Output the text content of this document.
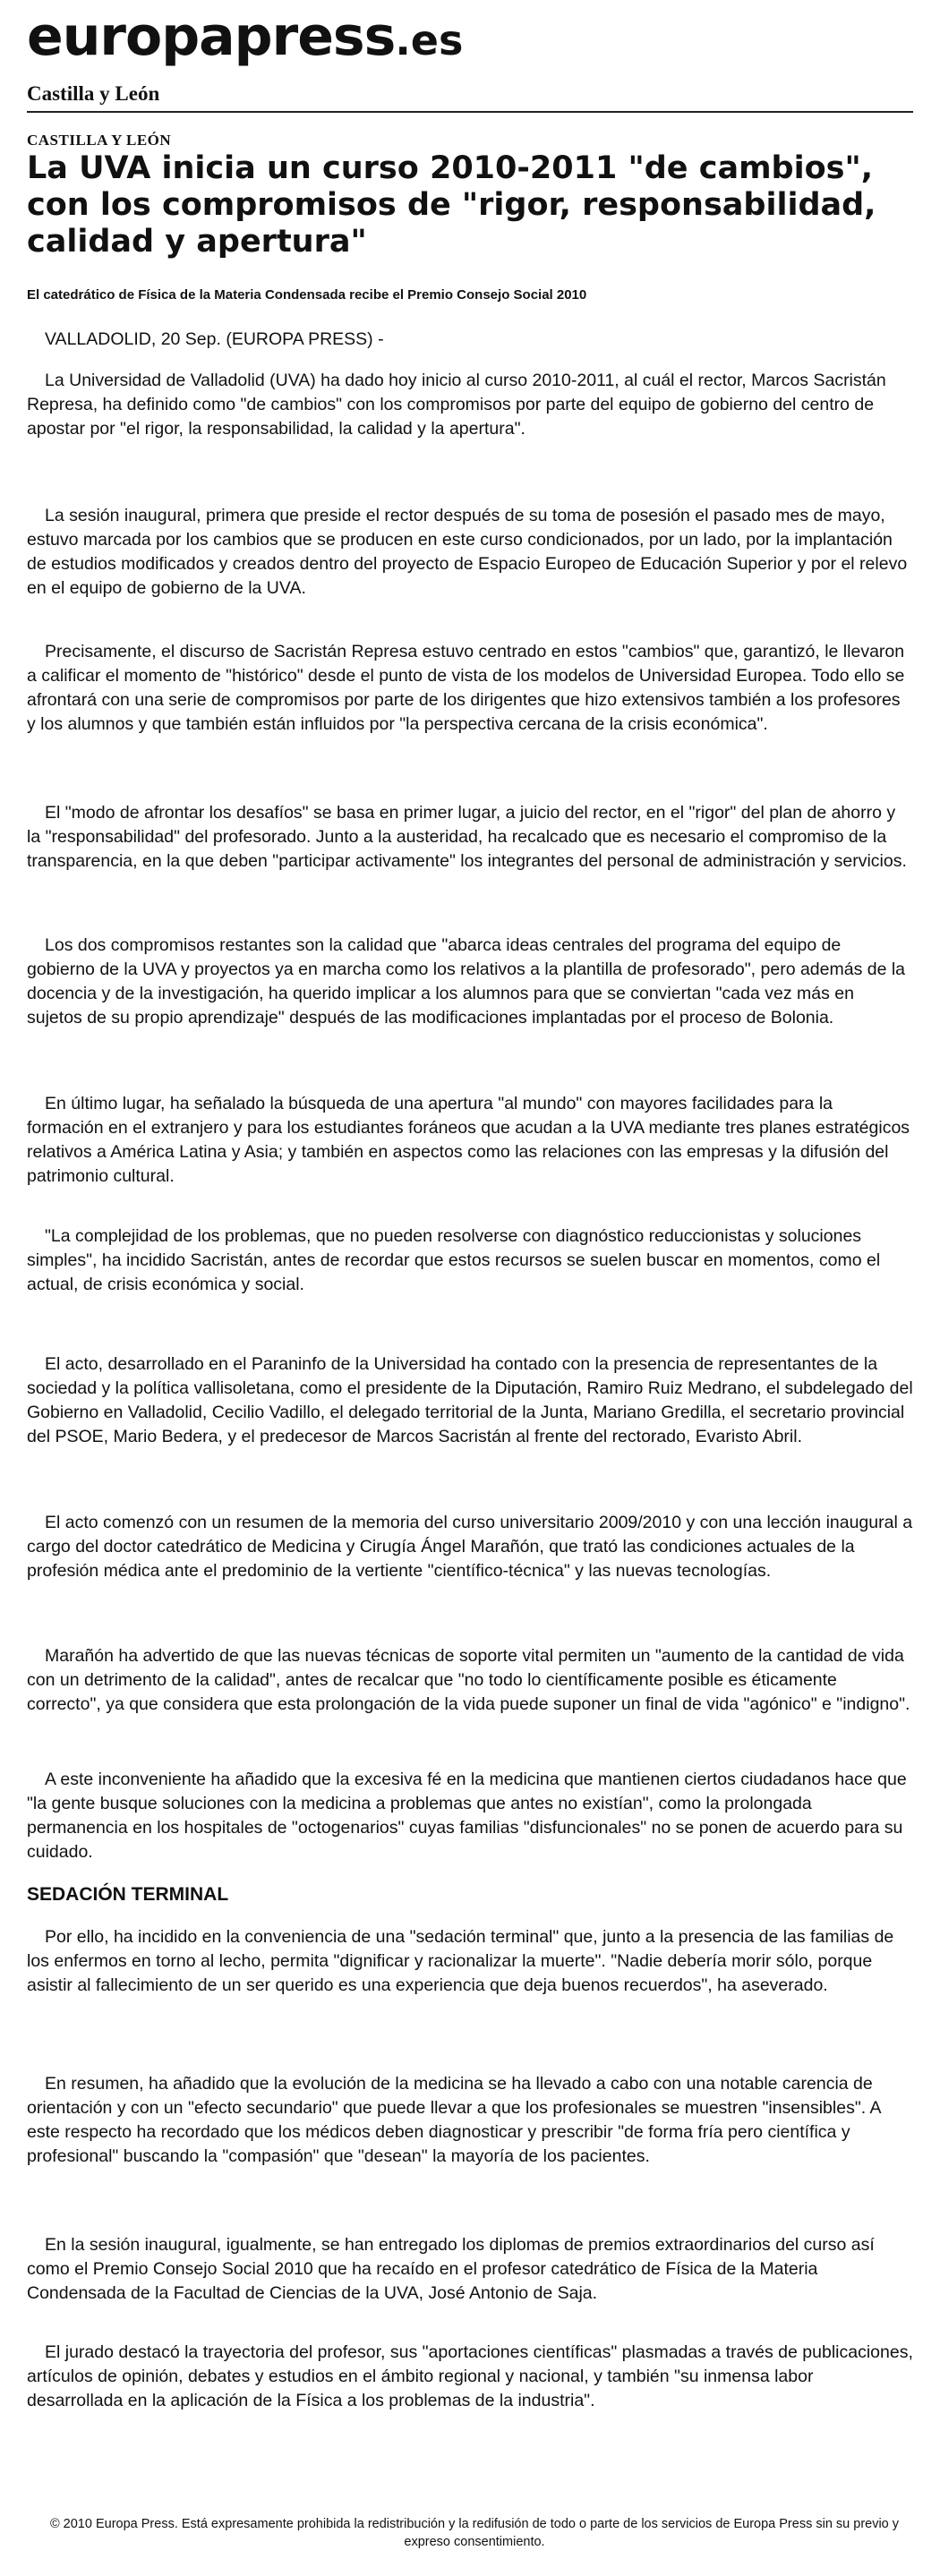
europapress.es
Castilla y León
CASTILLA Y LEÓN
La UVA inicia un curso 2010-2011 "de cambios", con los compromisos de "rigor, responsabilidad, calidad y apertura"
El catedrático de Física de la Materia Condensada recibe el Premio Consejo Social 2010
VALLADOLID, 20 Sep. (EUROPA PRESS) -

La Universidad de Valladolid (UVA) ha dado hoy inicio al curso 2010-2011, al cuál el rector, Marcos Sacristán Represa, ha definido como "de cambios" con los compromisos por parte del equipo de gobierno del centro de apostar por "el rigor, la responsabilidad, la calidad y la apertura".

La sesión inaugural, primera que preside el rector después de su toma de posesión el pasado mes de mayo, estuvo marcada por los cambios que se producen en este curso condicionados, por un lado, por la implantación de estudios modificados y creados dentro del proyecto de Espacio Europeo de Educación Superior y por el relevo en el equipo de gobierno de la UVA.

Precisamente, el discurso de Sacristán Represa estuvo centrado en estos "cambios" que, garantizó, le llevaron a calificar el momento de "histórico" desde el punto de vista de los modelos de Universidad Europea. Todo ello se afrontará con una serie de compromisos por parte de los dirigentes que hizo extensivos también a los profesores y los alumnos y que también están influidos por "la perspectiva cercana de la crisis económica".

El "modo de afrontar los desafíos" se basa en primer lugar, a juicio del rector, en el "rigor" del plan de ahorro y la "responsabilidad" del profesorado. Junto a la austeridad, ha recalcado que es necesario el compromiso de la transparencia, en la que deben "participar activamente" los integrantes del personal de administración y servicios.

Los dos compromisos restantes son la calidad que "abarca ideas centrales del programa del equipo de gobierno de la UVA y proyectos ya en marcha como los relativos a la plantilla de profesorado", pero además de la docencia y de la investigación, ha querido implicar a los alumnos para que se conviertan "cada vez más en sujetos de su propio aprendizaje" después de las modificaciones implantadas por el proceso de Bolonia.

En último lugar, ha señalado la búsqueda de una apertura "al mundo" con mayores facilidades para la formación en el extranjero y para los estudiantes foráneos que acudan a la UVA mediante tres planes estratégicos relativos a América Latina y Asia; y también en aspectos como las relaciones con las empresas y la difusión del patrimonio cultural.

"La complejidad de los problemas, que no pueden resolverse con diagnóstico reduccionistas y soluciones simples", ha incidido Sacristán, antes de recordar que estos recursos se suelen buscar en momentos, como el actual, de crisis económica y social.

El acto, desarrollado en el Paraninfo de la Universidad ha contado con la presencia de representantes de la sociedad y la política vallisoletana, como el presidente de la Diputación, Ramiro Ruiz Medrano, el subdelegado del Gobierno en Valladolid, Cecilio Vadillo, el delegado territorial de la Junta, Mariano Gredilla, el secretario provincial del PSOE, Mario Bedera, y el predecesor de Marcos Sacristán al frente del rectorado, Evaristo Abril.

El acto comenzó con un resumen de la memoria del curso universitario 2009/2010 y con una lección inaugural a cargo del doctor catedrático de Medicina y Cirugía Ángel Marañón, que trató las condiciones actuales de la profesión médica ante el predominio de la vertiente "científico-técnica" y las nuevas tecnologías.

Marañón ha advertido de que las nuevas técnicas de soporte vital permiten un "aumento de la cantidad de vida con un detrimento de la calidad", antes de recalcar que "no todo lo científicamente posible es éticamente correcto", ya que considera que esta prolongación de la vida puede suponer un final de vida "agónico" e "indigno".

A este inconveniente ha añadido que la excesiva fé en la medicina que mantienen ciertos ciudadanos hace que "la gente busque soluciones con la medicina a problemas que antes no existían", como la prolongada permanencia en los hospitales de "octogenarios" cuyas familias "disfuncionales" no se ponen de acuerdo para su cuidado.

SEDACIÓN TERMINAL

Por ello, ha incidido en la conveniencia de una "sedación terminal" que, junto a la presencia de las familias de los enfermos en torno al lecho, permita "dignificar y racionalizar la muerte". "Nadie debería morir sólo, porque asistir al fallecimiento de un ser querido es una experiencia que deja buenos recuerdos", ha aseverado.

En resumen, ha añadido que la evolución de la medicina se ha llevado a cabo con una notable carencia de orientación y con un "efecto secundario" que puede llevar a que los profesionales se muestren "insensibles". A este respecto ha recordado que los médicos deben diagnosticar y prescribir "de forma fría pero científica y profesional" buscando la "compasión" que "desean" la mayoría de los pacientes.

En la sesión inaugural, igualmente, se han entregado los diplomas de premios extraordinarios del curso así como el Premio Consejo Social 2010 que ha recaído en el profesor catedrático de Física de la Materia Condensada de la Facultad de Ciencias de la UVA, José Antonio de Saja.

El jurado destacó la trayectoria del profesor, sus "aportaciones científicas" plasmadas a través de publicaciones, artículos de opinión, debates y estudios en el ámbito regional y nacional, y también "su inmensa labor desarrollada en la aplicación de la Física a los problemas de la industria".

© 2010 Europa Press. Está expresamente prohibida la redistribución y la redifusión de todo o parte de los servicios de Europa Press sin su previo y expreso consentimiento.
